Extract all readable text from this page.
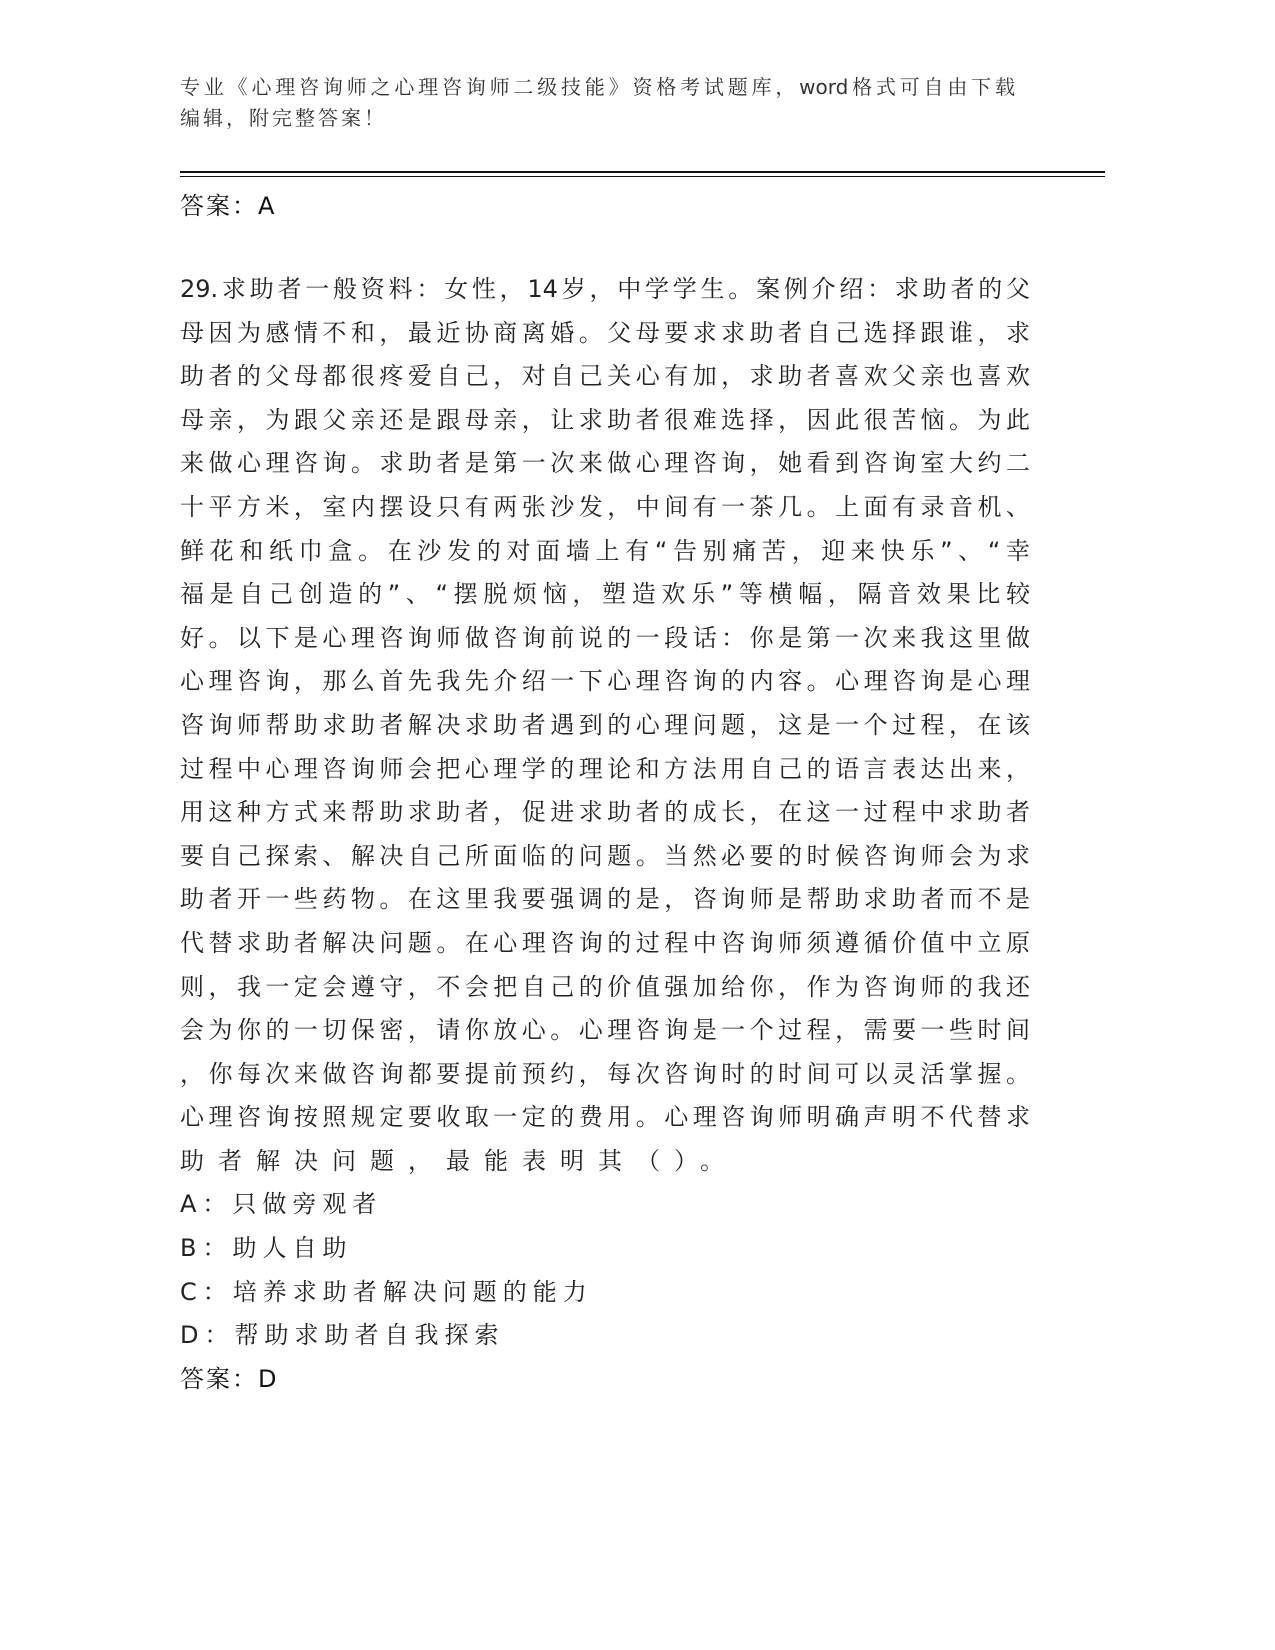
专业《心理咨询师之心理咨询师二级技能》资格考试题库，word格式可自由下载
编辑，附完整答案！
答案：A
29.求助者一般资料：女性，14岁，中学学生。案例介绍：求助者的父
母因为感情不和，最近协商离婚。父母要求求助者自己选择跟谁，求
助者的父母都很疼爱自己，对自己关心有加，求助者喜欢父亲也喜欢
母亲，为跟父亲还是跟母亲，让求助者很难选择，因此很苦恼。为此
来做心理咨询。求助者是第一次来做心理咨询，她看到咨询室大约二
十平方米，室内摆设只有两张沙发，中间有一茶几。上面有录音机、
鲜花和纸巾盒。在沙发的对面墙上有“告别痛苦，迎来快乐”、“幸
福是自己创造的”、“摆脱烦恼，塑造欢乐”等横幅，隔音效果比较
好。以下是心理咨询师做咨询前说的一段话：你是第一次来我这里做
心理咨询，那么首先我先介绍一下心理咨询的内容。心理咨询是心理
咨询师帮助求助者解决求助者遇到的心理问题，这是一个过程，在该
过程中心理咨询师会把心理学的理论和方法用自己的语言表达出来，
用这种方式来帮助求助者，促进求助者的成长，在这一过程中求助者
要自己探索、解决自己所面临的问题。当然必要的时候咨询师会为求
助者开一些药物。在这里我要强调的是，咨询师是帮助求助者而不是
代替求助者解决问题。在心理咨询的过程中咨询师须遵循价值中立原
则，我一定会遵守，不会把自己的价值强加给你，作为咨询师的我还
会为你的一切保密，请你放心。心理咨询是一个过程，需要一些时间
，你每次来做咨询都要提前预约，每次咨询时的时间可以灵活掌握。
心理咨询按照规定要收取一定的费用。心理咨询师明确声明不代替求
助者解决问题，最能表明其（）。
A：只做旁观者
B：助人自助
C：培养求助者解决问题的能力
D：帮助求助者自我探索
答案：D
